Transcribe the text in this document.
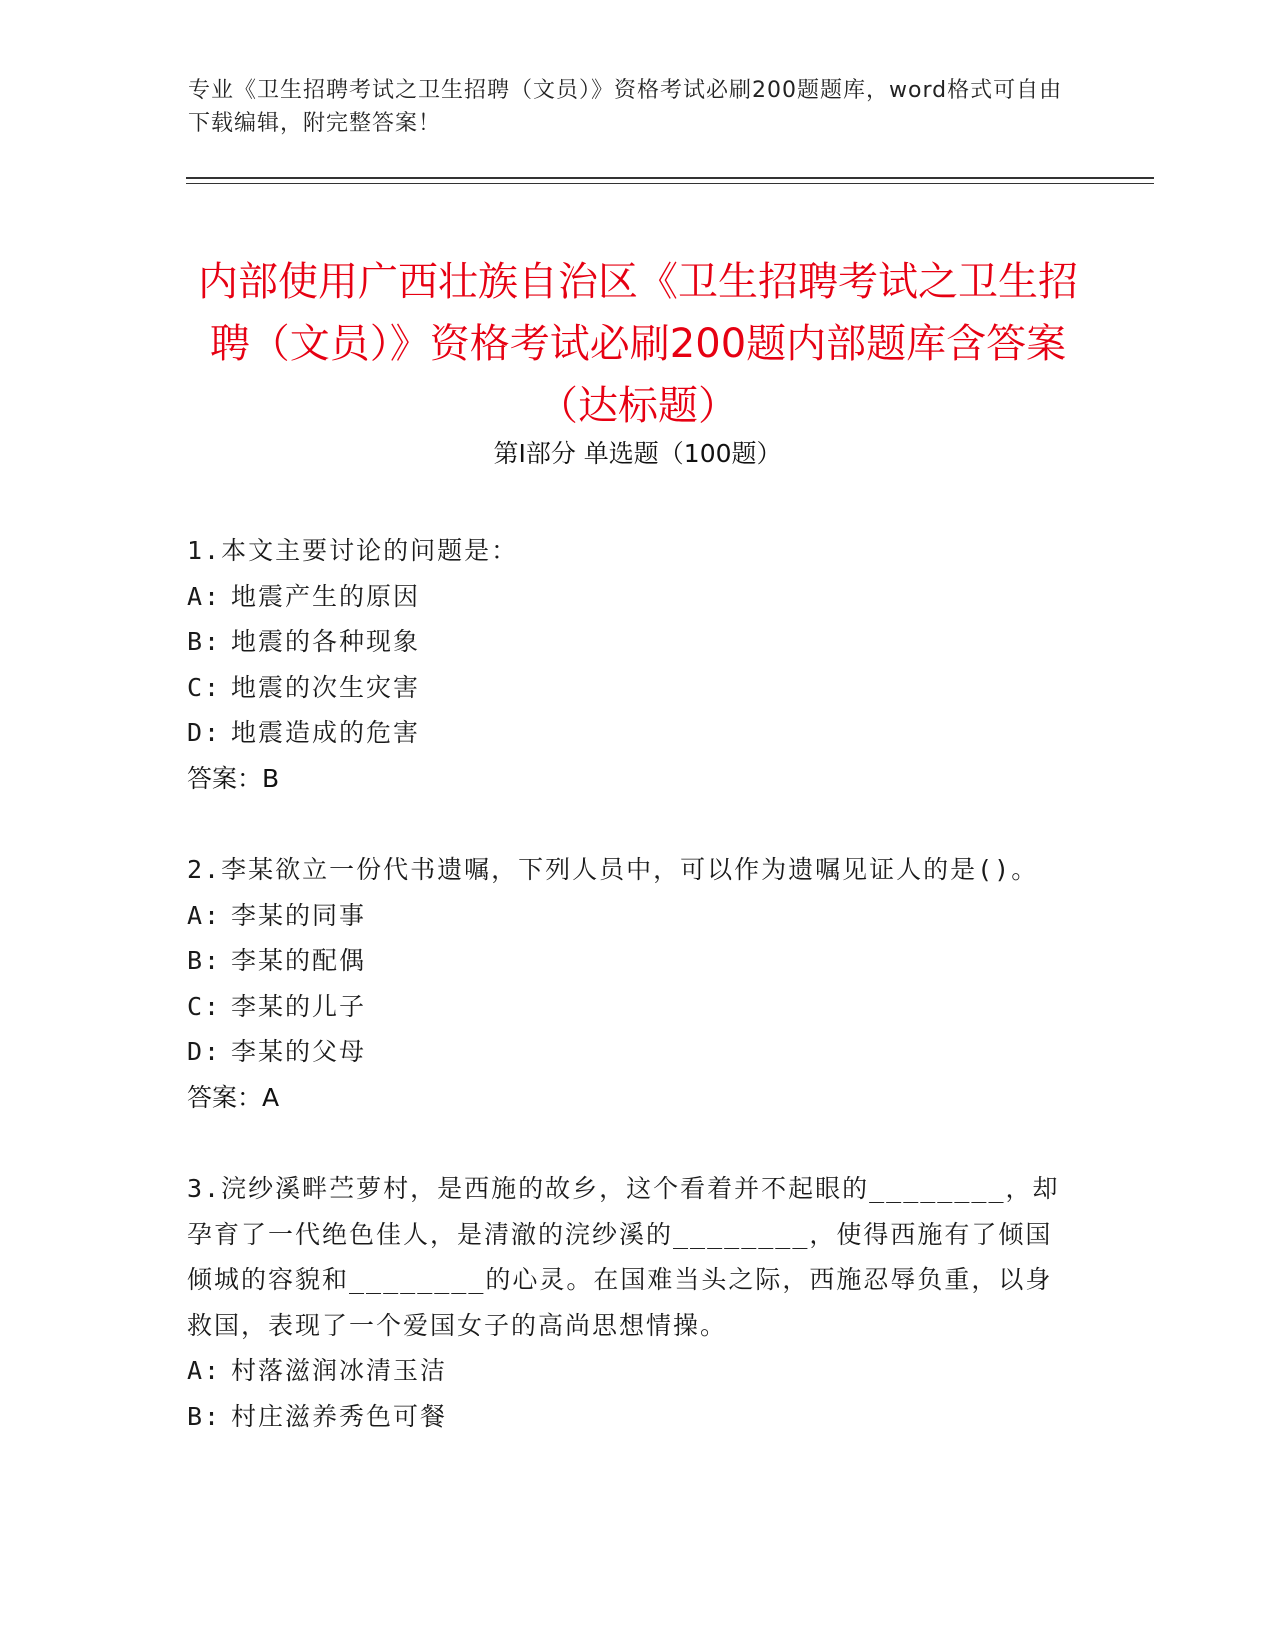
专业《卫生招聘考试之卫生招聘（文员）》资格考试必刷200题题库，word格式可自由下载编辑，附完整答案！
内部使用广西壮族自治区《卫生招聘考试之卫生招聘（文员）》资格考试必刷200题内部题库含答案（达标题）
第Ⅰ部分 单选题（100题）

1.本文主要讨论的问题是：

A: 地震产生的原因

B: 地震的各种现象

C: 地震的次生灾害

D: 地震造成的危害

答案：B

2.李某欲立一份代书遗嘱，下列人员中，可以作为遗嘱见证人的是()。

A: 李某的同事

B: 李某的配偶

C: 李某的儿子

D: 李某的父母

答案：A

3.浣纱溪畔苎萝村，是西施的故乡，这个看着并不起眼的________，却孕育了一代绝色佳人，是清澈的浣纱溪的________，使得西施有了倾国倾城的容貌和________的心灵。在国难当头之际，西施忍辱负重，以身救国，表现了一个爱国女子的高尚思想情操。

A: 村落滋润冰清玉洁

B: 村庄滋养秀色可餐
